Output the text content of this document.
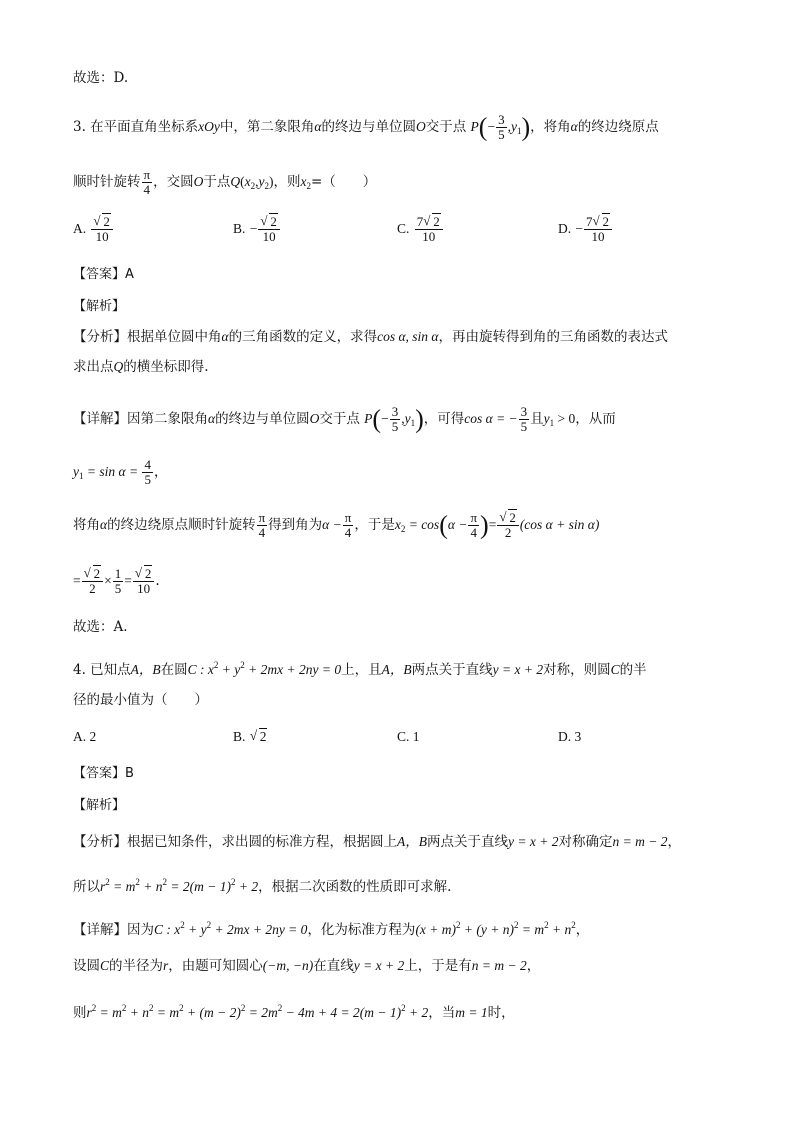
故选：D.
3. 在平面直角坐标系xOy中，第二象限角α的终边与单位圆O交于点 $P(- \frac{3}{5} ,y_1)$，将角α的终边绕原点
顺时针旋转 $\frac{\pi}{4}$ ，交圆O于点$Q(x_2,y_2)$，则$x_2=$（　　）
A. √ $\frac{2}{10}$	B. − √ $\frac{2}{10}$	C. $\frac{7 √ 2}{10}$	D. − $\frac{7 √ 2}{10}$
【答案】A
【解析】
【分析】根据单位圆中角α的三角函数的定义，求得cos α, sin α，再由旋转得到角的三角函数的表达式
求出点Q的横坐标即得.
【详解】因第二象限角α的终边与单位圆O交于点 $P(- \frac{3}{5} ,y_1)$，可得cos α = − $\frac{3}{5}$ 且$y_1 > 0$，从而
$y_1 = \sin \alpha = \frac{4}{5}$ ，
将角α的终边绕原点顺时针旋转 $\frac{\pi}{4}$ 得到角为$\alpha - \frac{\pi}{4}$ ，于是$x_2 = \cos(\alpha - \frac{\pi}{4}$ )= √ $\frac{2}{2} (\cos$ α + sin α)
= √ $\frac{2}{2} \times \frac{1}{5}$ = √ $\frac{2}{10}$ .
故选：A.
4. 已知点A，B在圆C : $x^2 + y^2 + 2mx + 2ny = 0$上，且A，B两点关于直线y = x + 2对称，则圆C的半
径的最小值为（　　）
A. 2	B. √ 2	C. 1	D. 3
【答案】B
【解析】
【分析】根据已知条件，求出圆的标准方程，根据圆上A，B两点关于直线y = x + 2对称确定n = m − 2，
所以$r^2 = m^2 + n^2 = 2(m - 1)^2 + 2$，根据二次函数的性质即可求解.
【详解】因为C : $x^2 + y^2 + 2mx + 2ny = 0$，化为标准方程为$(x + m)^2 + (y + n)^2 = m^2 + n^2$，
设圆C的半径为r，由题可知圆心(−m, −n)在直线y = x + 2上，于是有n = m − 2，
则$r^2 = m^2 + n^2 = m^2 + (m - 2)^2 = 2m^2 - 4m + 4 = 2(m - 1)^2 + 2$，当m = 1时，
